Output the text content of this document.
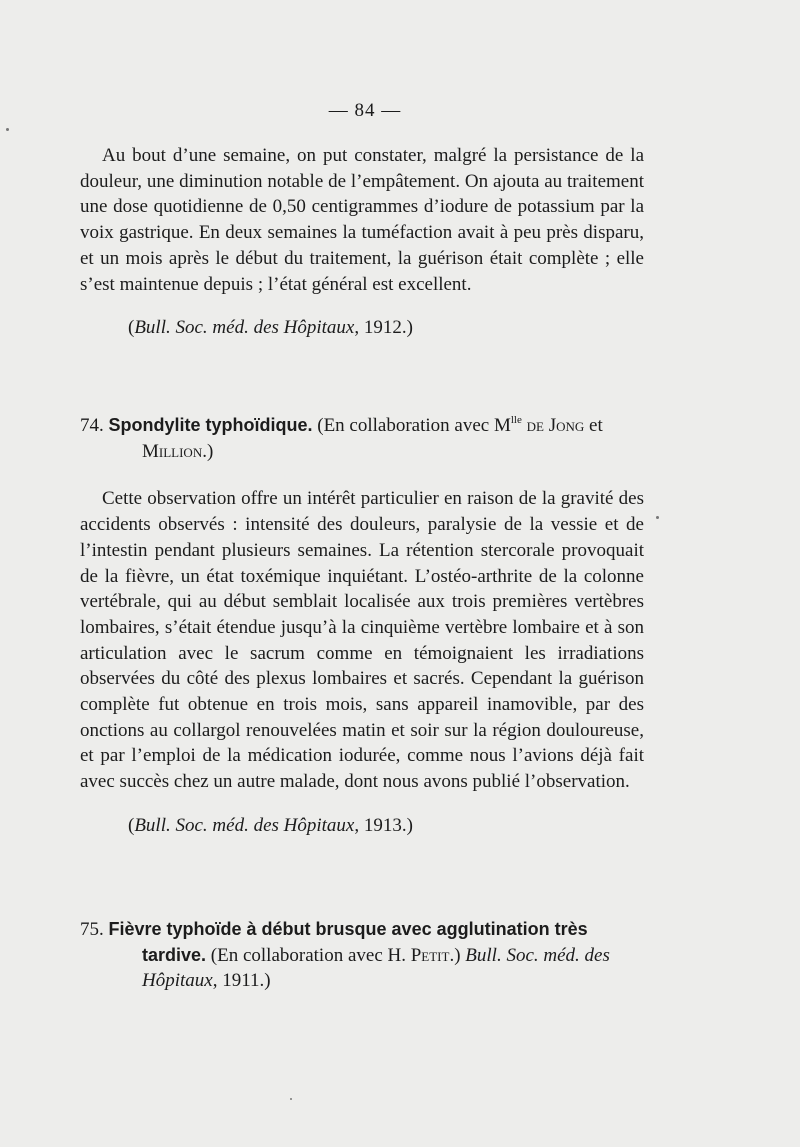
— 84 —

Au bout d’une semaine, on put constater, malgré la persistance de la douleur, une diminution notable de l’empâtement. On ajouta au traitement une dose quotidienne de 0,50 centigrammes d’iodure de potassium par la voix gastrique. En deux semaines la tuméfaction avait à peu près disparu, et un mois après le début du traitement, la guérison était complète ; elle s’est maintenue depuis ; l’état général est excellent.

(Bull. Soc. méd. des Hôpitaux, 1912.)

74. Spondylite typhoïdique. (En collaboration avec $M^{lle}$ de Jong et Million.)

Cette observation offre un intérêt particulier en raison de la gravité des accidents observés : intensité des douleurs, paralysie de la vessie et de l’intestin pendant plusieurs semaines. La rétention stercorale provoquait de la fièvre, un état toxémique inquiétant. L’ostéo-arthrite de la colonne vertébrale, qui au début semblait localisée aux trois premières vertèbres lombaires, s’était étendue jusqu’à la cinquième vertèbre lombaire et à son articulation avec le sacrum comme en témoignaient les irradiations observées du côté des plexus lombaires et sacrés. Cependant la guérison complète fut obtenue en trois mois, sans appareil inamovible, par des onctions au collargol renouvelées matin et soir sur la région douloureuse, et par l’emploi de la médication iodurée, comme nous l’avions déjà fait avec succès chez un autre malade, dont nous avons publié l’observation.

(Bull. Soc. méd. des Hôpitaux, 1913.)

75. Fièvre typhoïde à début brusque avec agglutination très tardive. (En collaboration avec H. Petit.) Bull. Soc. méd. des Hôpitaux, 1911.)
